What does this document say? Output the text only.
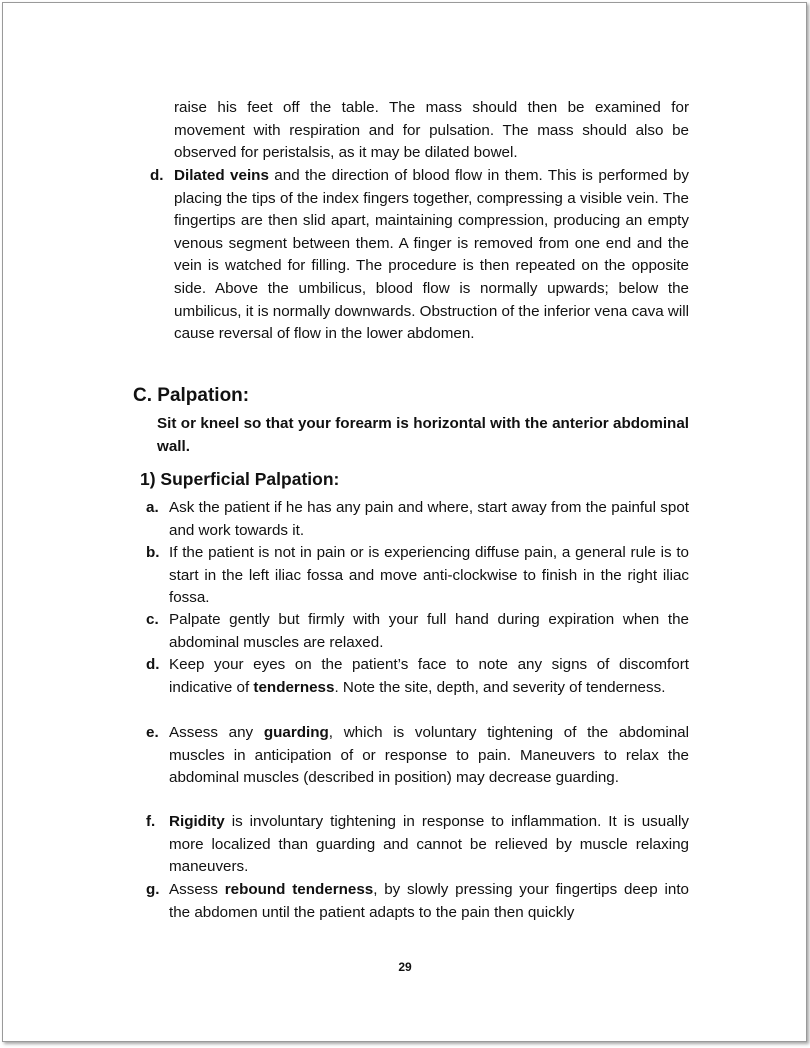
raise his feet off the table. The mass should then be examined for movement with respiration and for pulsation. The mass should also be observed for peristalsis, as it may be dilated bowel.
d. Dilated veins and the direction of blood flow in them. This is performed by placing the tips of the index fingers together, compressing a visible vein. The fingertips are then slid apart, maintaining compression, producing an empty venous segment between them. A finger is removed from one end and the vein is watched for filling. The procedure is then repeated on the opposite side. Above the umbilicus, blood flow is normally upwards; below the umbilicus, it is normally downwards. Obstruction of the inferior vena cava will cause reversal of flow in the lower abdomen.
C. Palpation:
Sit or kneel so that your forearm is horizontal with the anterior abdominal wall.
1) Superficial Palpation:
a. Ask the patient if he has any pain and where, start away from the painful spot and work towards it.
b. If the patient is not in pain or is experiencing diffuse pain, a general rule is to start in the left iliac fossa and move anti-clockwise to finish in the right iliac fossa.
c. Palpate gently but firmly with your full hand during expiration when the abdominal muscles are relaxed.
d. Keep your eyes on the patient’s face to note any signs of discomfort indicative of tenderness. Note the site, depth, and severity of tenderness.
e. Assess any guarding, which is voluntary tightening of the abdominal muscles in anticipation of or response to pain. Maneuvers to relax the abdominal muscles (described in position) may decrease guarding.
f. Rigidity is involuntary tightening in response to inflammation. It is usually more localized than guarding and cannot be relieved by muscle relaxing maneuvers.
g. Assess rebound tenderness, by slowly pressing your fingertips deep into the abdomen until the patient adapts to the pain then quickly
29
